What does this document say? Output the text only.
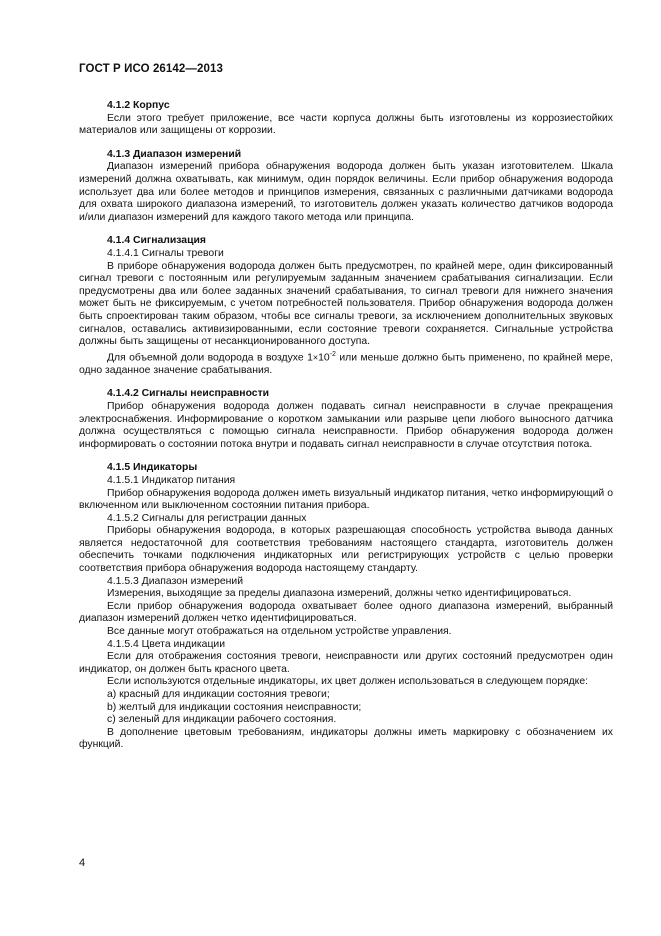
ГОСТ Р ИСО 26142—2013

4.1.2 Корпус

Если этого требует приложение, все части корпуса должны быть изготовлены из коррозиестойких материалов или защищены от коррозии.

4.1.3 Диапазон измерений

Диапазон измерений прибора обнаружения водорода должен быть указан изготовителем. Шкала измерений должна охватывать, как минимум, один порядок величины. Если прибор обнаружения водорода использует два или более методов и принципов измерения, связанных с различными датчиками водорода для охвата широкого диапазона измерений, то изготовитель должен указать количество датчиков водорода и/или диапазон измерений для каждого такого метода или принципа.

4.1.4 Сигнализация

4.1.4.1 Сигналы тревоги

В приборе обнаружения водорода должен быть предусмотрен, по крайней мере, один фиксированный сигнал тревоги с постоянным или регулируемым заданным значением срабатывания сигнализации. Если предусмотрены два или более заданных значений срабатывания, то сигнал тревоги для нижнего значения может быть не фиксируемым, с учетом потребностей пользователя. Прибор обнаружения водорода должен быть спроектирован таким образом, чтобы все сигналы тревоги, за исключением дополнительных звуковых сигналов, оставались активизированными, если состояние тревоги сохраняется. Сигнальные устройства должны быть защищены от несанкционированного доступа.

Для объемной доли водорода в воздухе $1\times 10^{-2}$ или меньше должно быть применено, по крайней мере, одно заданное значение срабатывания.

4.1.4.2 Сигналы неисправности

Прибор обнаружения водорода должен подавать сигнал неисправности в случае прекращения электроснабжения. Информирование о коротком замыкании или разрыве цепи любого выносного датчика должна осуществляться с помощью сигнала неисправности. Прибор обнаружения водорода должен информировать о состоянии потока внутри и подавать сигнал неисправности в случае отсутствия потока.

4.1.5 Индикаторы

4.1.5.1 Индикатор питания

Прибор обнаружения водорода должен иметь визуальный индикатор питания, четко информирующий о включенном или выключенном состоянии питания прибора.

4.1.5.2 Сигналы для регистрации данных

Приборы обнаружения водорода, в которых разрешающая способность устройства вывода данных является недостаточной для соответствия требованиям настоящего стандарта, изготовитель должен обеспечить точками подключения индикаторных или регистрирующих устройств с целью проверки соответствия прибора обнаружения водорода настоящему стандарту.

4.1.5.3 Диапазон измерений

Измерения, выходящие за пределы диапазона измерений, должны четко идентифицироваться.

Если прибор обнаружения водорода охватывает более одного диапазона измерений, выбранный диапазон измерений должен четко идентифицироваться.

Все данные могут отображаться на отдельном устройстве управления.

4.1.5.4 Цвета индикации

Если для отображения состояния тревоги, неисправности или других состояний предусмотрен один индикатор, он должен быть красного цвета.

Если используются отдельные индикаторы, их цвет должен использоваться в следующем порядке:

а) красный для индикации состояния тревоги;

b) желтый для индикации состояния неисправности;

с) зеленый для индикации рабочего состояния.

В дополнение цветовым требованиям, индикаторы должны иметь маркировку с обозначением их функций.

4
